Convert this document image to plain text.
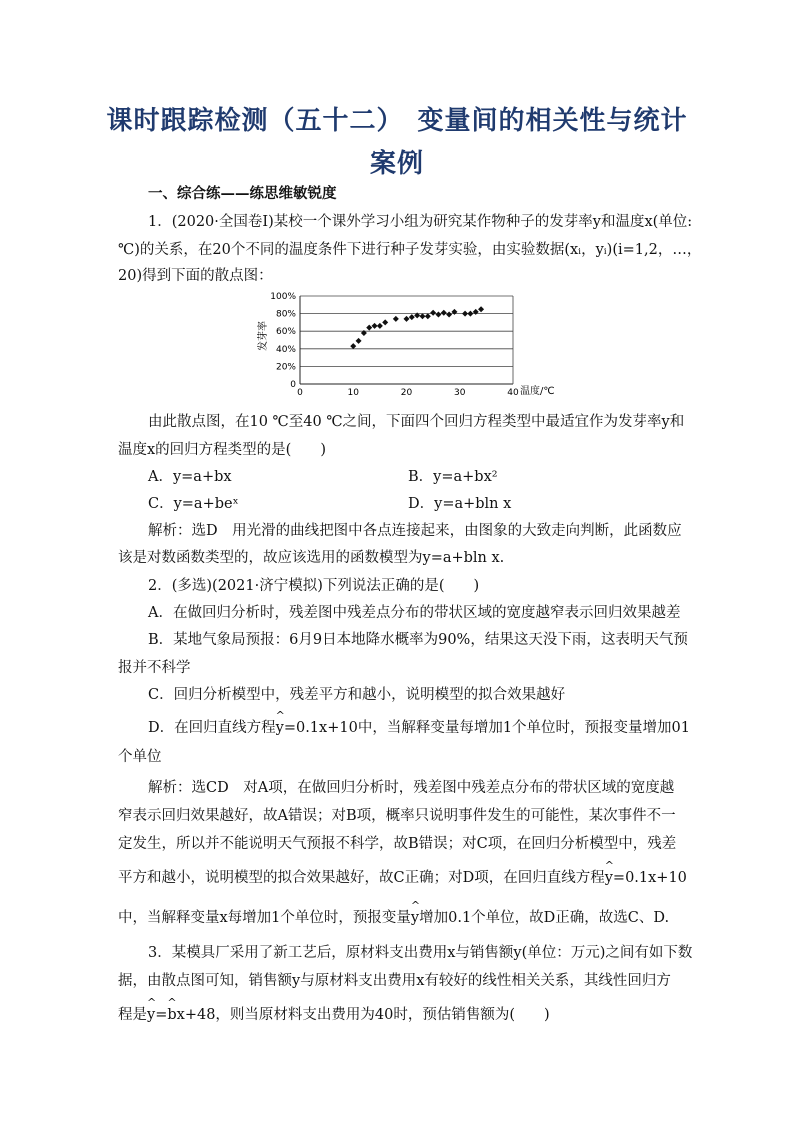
课时跟踪检测（五十二）　变量间的相关性与统计
案例
一、综合练——练思维敏锐度
1．(2020·全国卷Ⅰ)某校一个课外学习小组为研究某作物种子的发芽率y和温度x(单位:
℃)的关系，在20个不同的温度条件下进行种子发芽实验，由实验数据(xᵢ，yᵢ)(i=1,2，…，
20)得到下面的散点图：
0
20%
40%
60%
80%
100%
0	10	20	30	40
发芽率
温度/℃
由此散点图，在10 ℃至40 ℃之间，下面四个回归方程类型中最适宜作为发芽率y和
温度x的回归方程类型的是(　　)
A．y=a+bx	B．y=a+bx²
C．y=a+beˣ	D．y=a+bln x
解析：选D　用光滑的曲线把图中各点连接起来，由图象的大致走向判断，此函数应
该是对数函数类型的，故应该选用的函数模型为y=a+bln x.
2．(多选)(2021·济宁模拟)下列说法正确的是(　　)
A．在做回归分析时，残差图中残差点分布的带状区域的宽度越窄表示回归效果越差
B．某地气象局预报：6月9日本地降水概率为90%，结果这天没下雨，这表明天气预
报并不科学
C．回归分析模型中，残差平方和越小，说明模型的拟合效果越好
D．在回归直线方程^ y=0.1x+10中，当解释变量每增加1个单位时，预报变量增加01
个单位
解析：选CD　对A项，在做回归分析时，残差图中残差点分布的带状区域的宽度越
窄表示回归效果越好，故A错误；对B项，概率只说明事件发生的可能性，某次事件不一
定发生，所以并不能说明天气预报不科学，故B错误；对C项，在回归分析模型中，残差
平方和越小，说明模型的拟合效果越好，故C正确；对D项，在回归直线方程^ y=0.1x+10
中，当解释变量x每增加1个单位时，预报变量^ y增加0.1个单位，故D正确，故选C、D.
3．某模具厂采用了新工艺后，原材料支出费用x与销售额y(单位：万元)之间有如下数
据，由散点图可知，销售额y与原材料支出费用x有较好的线性相关关系，其线性回归方
程是^ y=^ bx+48，则当原材料支出费用为40时，预估销售额为(　　)
